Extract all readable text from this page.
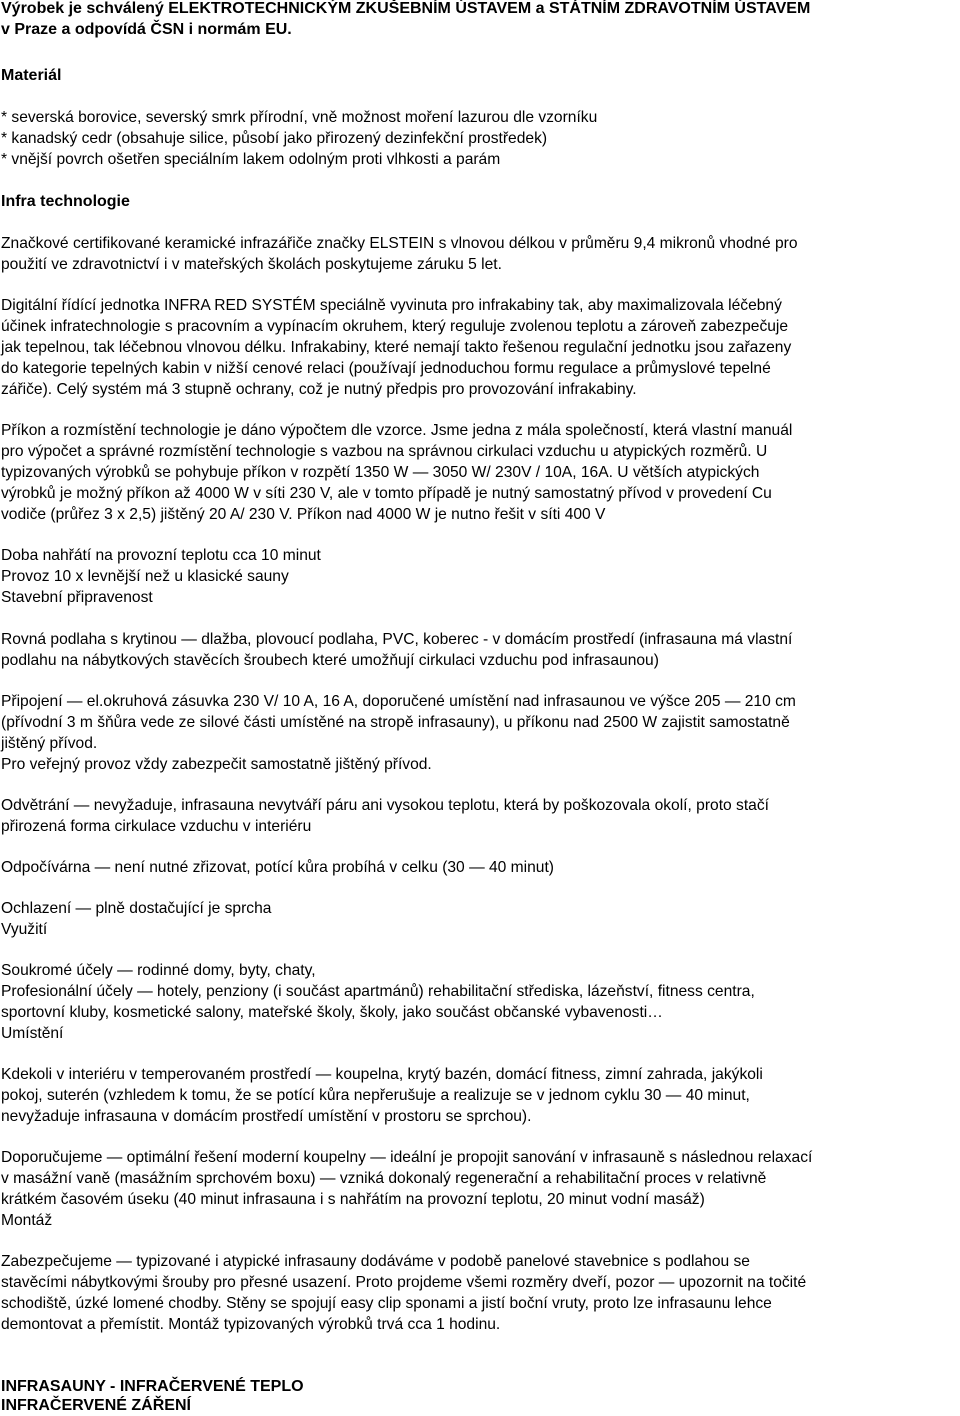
Výrobek je schválený ELEKTROTECHNICKÝM ZKUŠEBNÍM ÚSTAVEM a STÁTNÍM ZDRAVOTNÍM ÚSTAVEM
v Praze a odpovídá ČSN i normám EU.
Materiál
* severská borovice, severský smrk přírodní, vně možnost moření lazurou dle vzorníku
* kanadský cedr (obsahuje silice, působí jako přirozený dezinfekční prostředek)
* vnější povrch ošetřen speciálním lakem odolným proti vlhkosti a parám
Infra technologie
Značkové certifikované keramické infrazářiče značky ELSTEIN s vlnovou délkou v průměru 9,4 mikronů vhodné pro
použití ve zdravotnictví i v mateřských školách poskytujeme záruku 5 let.
Digitální řídící jednotka INFRA RED SYSTÉM speciálně vyvinuta pro infrakabiny tak, aby maximalizovala léčebný
účinek infratechnologie s pracovním a vypínacím okruhem, který reguluje zvolenou teplotu a zároveň zabezpečuje
jak tepelnou, tak léčebnou vlnovou délku. Infrakabiny, které nemají takto řešenou regulační jednotku jsou zařazeny
do kategorie tepelných kabin v nižší cenové relaci (používají jednoduchou formu regulace a průmyslové tepelné
zářiče). Celý systém má 3 stupně ochrany, což je nutný předpis pro provozování infrakabiny.
Příkon a rozmístění technologie je dáno výpočtem dle vzorce. Jsme jedna z mála společností, která vlastní manuál
pro výpočet a správné rozmístění technologie s vazbou na správnou cirkulaci vzduchu u atypických rozměrů. U
typizovaných výrobků se pohybuje příkon v rozpětí 1350 W — 3050 W/ 230V / 10A, 16A. U větších atypických
výrobků je možný příkon až 4000 W v síti 230 V, ale v tomto případě je nutný samostatný přívod v provedení Cu
vodiče (průřez 3 x 2,5) jištěný 20 A/ 230 V. Příkon nad 4000 W je nutno řešit v síti 400 V
Doba nahřátí na provozní teplotu cca 10 minut
Provoz 10 x levnější než u klasické sauny
Stavební připravenost
Rovná podlaha s krytinou — dlažba, plovoucí podlaha, PVC, koberec - v domácím prostředí (infrasauna má vlastní
podlahu na nábytkových stavěcích šroubech které umožňují cirkulaci vzduchu pod infrasaunou)
Připojení — el.okruhová zásuvka 230 V/ 10 A, 16 A, doporučené umístění nad infrasaunou ve výšce 205 — 210 cm
(přívodní 3 m šňůra vede ze silové části umístěné na stropě infrasauny), u příkonu nad 2500 W zajistit samostatně
jištěný přívod.
Pro veřejný provoz vždy zabezpečit samostatně jištěný přívod.
Odvětrání — nevyžaduje, infrasauna nevytváří páru ani vysokou teplotu, která by poškozovala okolí, proto stačí
přirozená forma cirkulace vzduchu v interiéru
Odpočívárna — není nutné zřizovat, potící kůra probíhá v celku (30 — 40 minut)
Ochlazení — plně dostačující je sprcha
Využití
Soukromé účely — rodinné domy, byty, chaty,
Profesionální účely — hotely, penziony (i součást apartmánů) rehabilitační střediska, lázeňství, fitness centra,
sportovní kluby, kosmetické salony, mateřské školy, školy, jako součást občanské vybavenosti…
Umístění
Kdekoli v interiéru v temperovaném prostředí — koupelna, krytý bazén, domácí fitness, zimní zahrada, jakýkoli
pokoj, suterén (vzhledem k tomu, že se potící kůra nepřerušuje a realizuje se v jednom cyklu 30 — 40 minut,
nevyžaduje infrasauna v domácím prostředí umístění v prostoru se sprchou).
Doporučujeme — optimální řešení moderní koupelny — ideální je propojit sanování v infrasauně s následnou relaxací
v masážní vaně (masážním sprchovém boxu) — vzniká dokonalý regenerační a rehabilitační proces v relativně
krátkém časovém úseku (40 minut infrasauna i s nahřátím na provozní teplotu, 20 minut vodní masáž)
Montáž
Zabezpečujeme — typizované i atypické infrasauny dodáváme v podobě panelové stavebnice s podlahou se
stavěcími nábytkovými šrouby pro přesné usazení. Proto projdeme všemi rozměry dveří, pozor — upozornit na točité
schodiště, úzké lomené chodby. Stěny se spojují easy clip sponami a jistí boční vruty, proto lze infrasaunu lehce
demontovat a přemístit. Montáž typizovaných výrobků trvá cca 1 hodinu.
INFRASAUNY - INFRAČERVENÉ TEPLO
INFRAČERVENÉ ZÁŘENÍ
